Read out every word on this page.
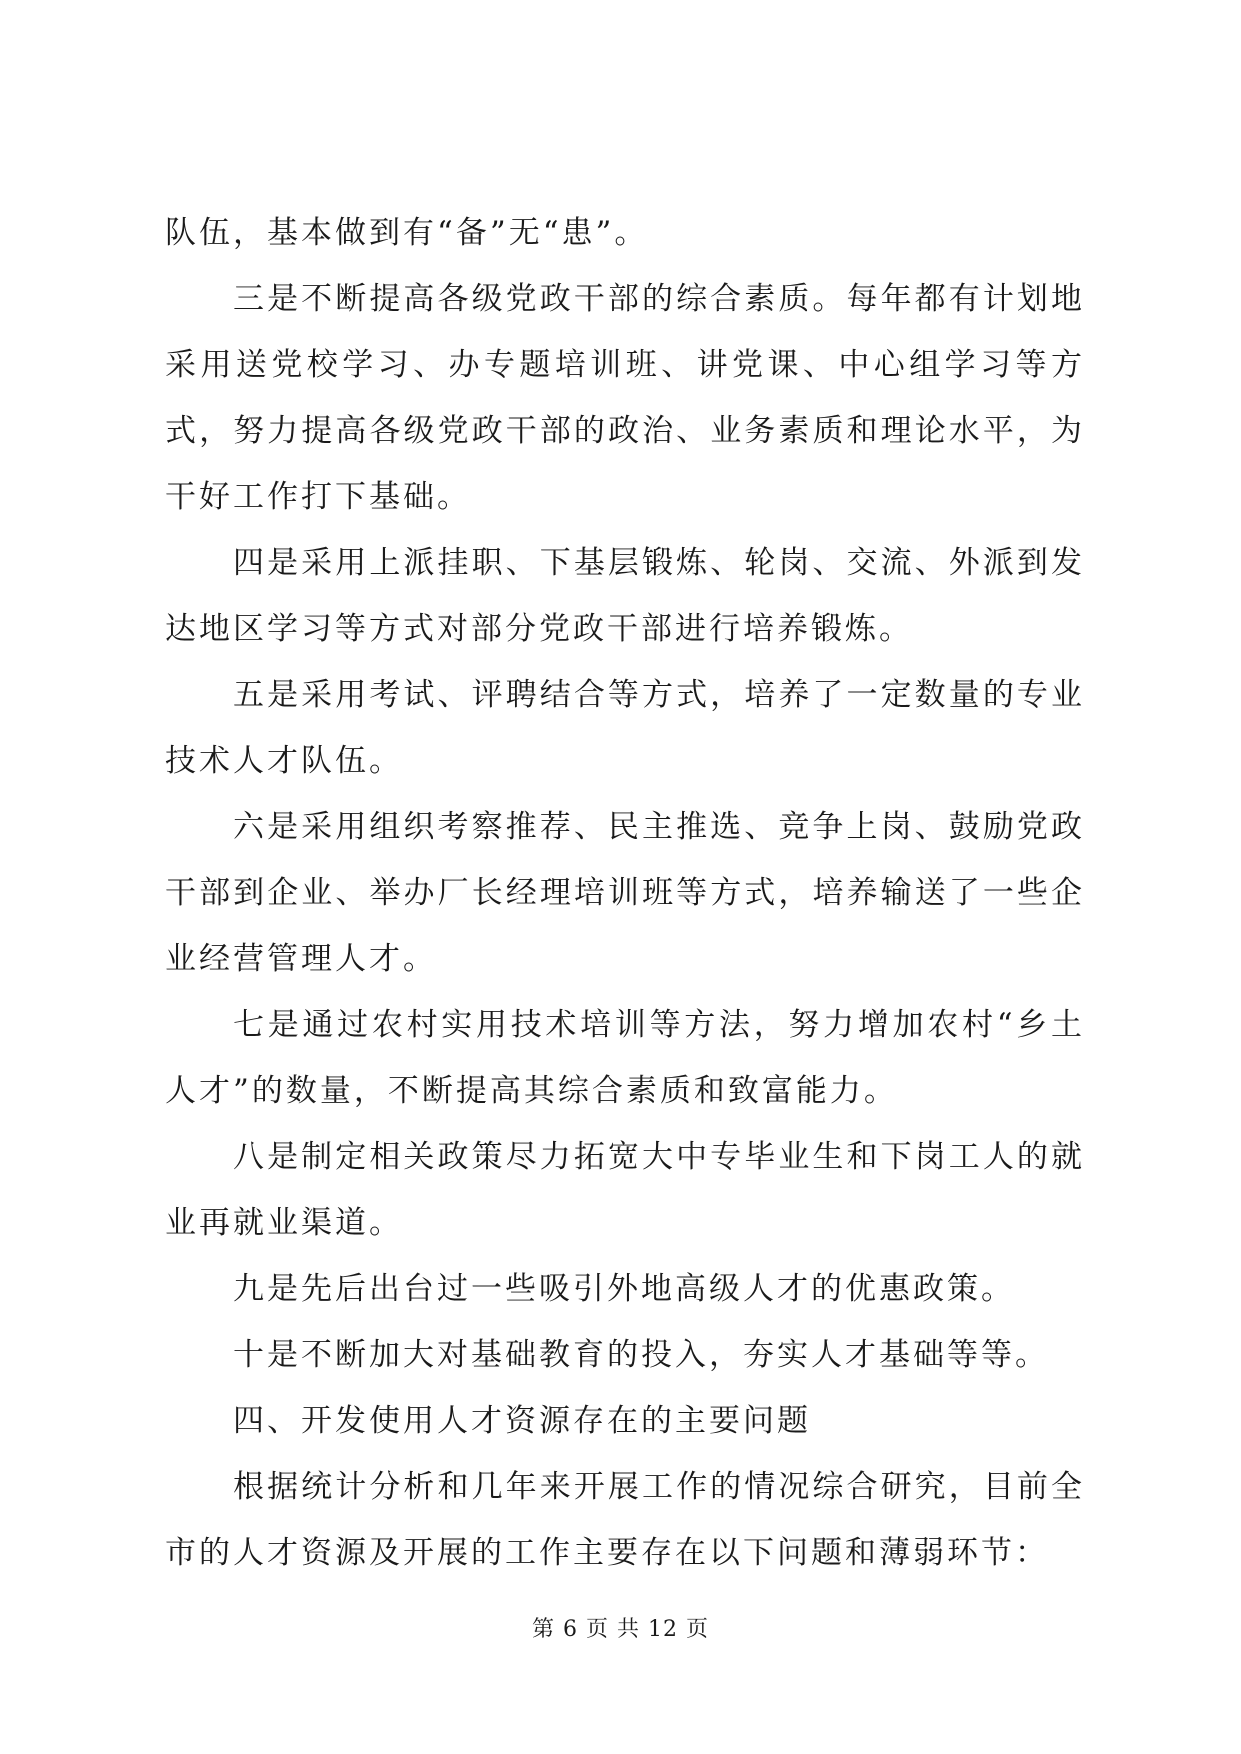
队伍，基本做到有“备”无“患”。

三是不断提高各级党政干部的综合素质。每年都有计划地采用送党校学习、办专题培训班、讲党课、中心组学习等方式，努力提高各级党政干部的政治、业务素质和理论水平，为干好工作打下基础。

四是采用上派挂职、下基层锻炼、轮岗、交流、外派到发达地区学习等方式对部分党政干部进行培养锻炼。

五是采用考试、评聘结合等方式，培养了一定数量的专业技术人才队伍。

六是采用组织考察推荐、民主推选、竞争上岗、鼓励党政干部到企业、举办厂长经理培训班等方式，培养输送了一些企业经营管理人才。

七是通过农村实用技术培训等方法，努力增加农村“乡土人才”的数量，不断提高其综合素质和致富能力。

八是制定相关政策尽力拓宽大中专毕业生和下岗工人的就业再就业渠道。

九是先后出台过一些吸引外地高级人才的优惠政策。

十是不断加大对基础教育的投入，夯实人才基础等等。

四、开发使用人才资源存在的主要问题

根据统计分析和几年来开展工作的情况综合研究，目前全市的人才资源及开展的工作主要存在以下问题和薄弱环节：

第 6 页 共 12 页
